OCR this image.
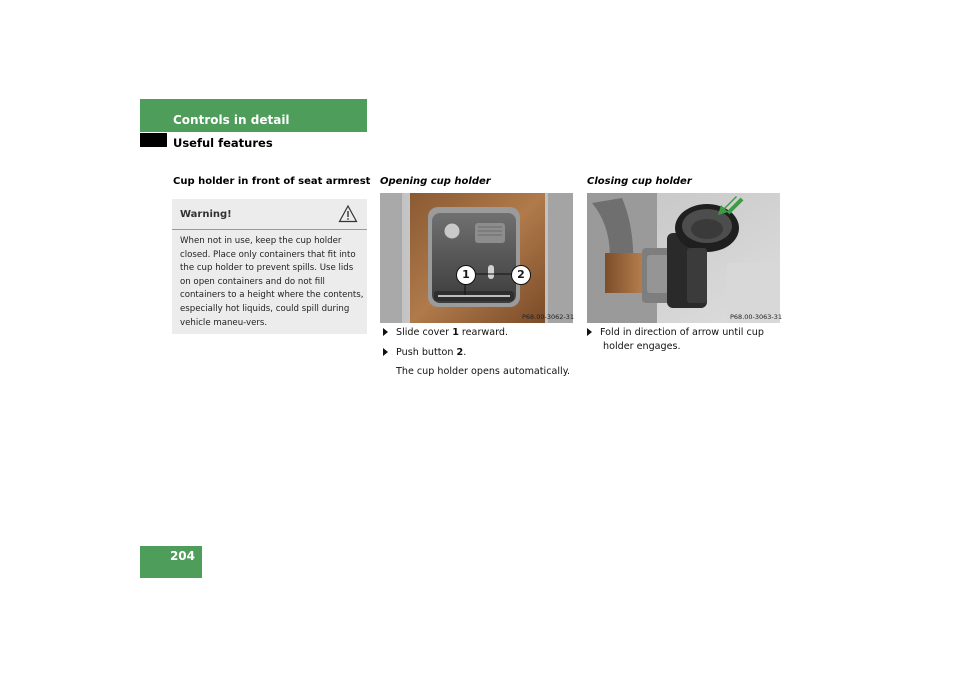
Controls in detail
Useful features
Cup holder in front of seat armrest
Warning!
When not in use, keep the cup holder closed. Place only containers that fit into the cup holder to prevent spills. Use lids on open containers and do not fill containers to a height where the contents, especially hot liquids, could spill during vehicle maneu-vers.
Opening cup holder
1	2
P68.00-3062-31
Slide cover 1 rearward.
Push button 2.
The cup holder opens automatically.
Closing cup holder
P68.00-3063-31
Fold in direction of arrow until cup
holder engages.
204
